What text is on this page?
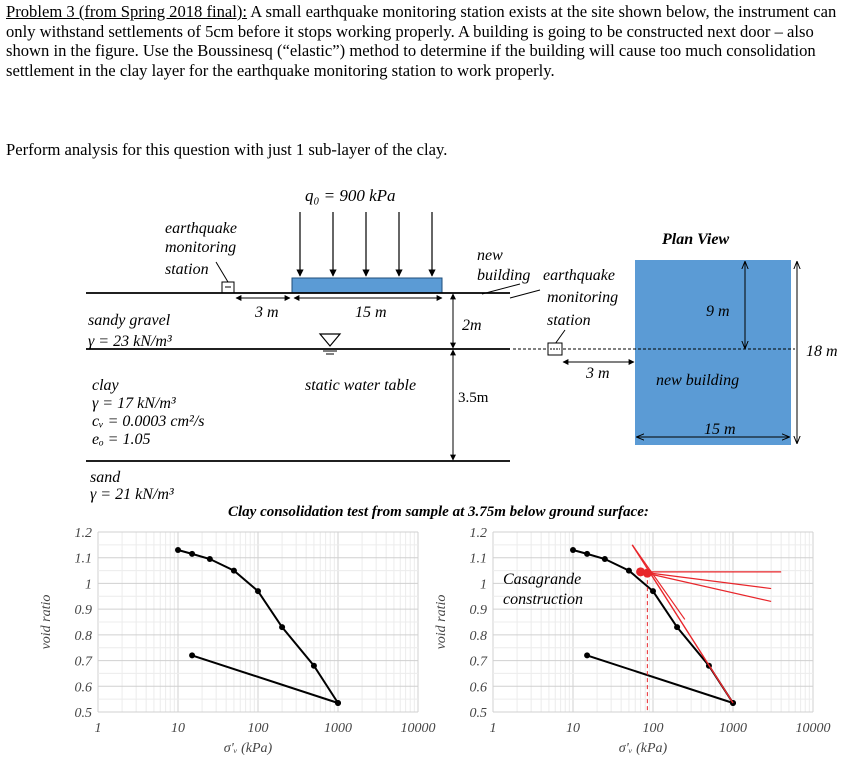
Problem 3 (from Spring 2018 final): A small earthquake monitoring station exists at the site shown below, the instrument can only withstand settlements of 5cm before it stops working properly. A building is going to be constructed next door – also shown in the figure. Use the Boussinesq (“elastic”) method to determine if the building will cause too much consolidation settlement in the clay layer for the earthquake monitoring station to work properly.
Perform analysis for this question with just 1 sub-layer of the clay.
q₀ = 900 kPa
earthquake
monitoring
station
3 m	15 m
2m
3.5m
static water table
sandy gravel
γ = 23 kN/m³
clay
γ = 17 kN/m³
cᵥ = 0.0003 cm²/s
eₒ = 1.05
sand
γ = 21 kN/m³
new
building
Plan View
earthquake
monitoring
station
3 m
9 m
new building
15 m
18 m
Clay consolidation test from sample at 3.75m below ground surface:
1.2
1.1
1
0.9
0.8
0.7
0.6
0.5
1	10	100	1000	10000
σ'ᵥ (kPa)
void ratio
1.2
1.1
1
0.9
0.8
0.7
0.6
0.5
1	10	100	1000	10000
σ'ᵥ (kPa)
void ratio
Casagrande
construction
